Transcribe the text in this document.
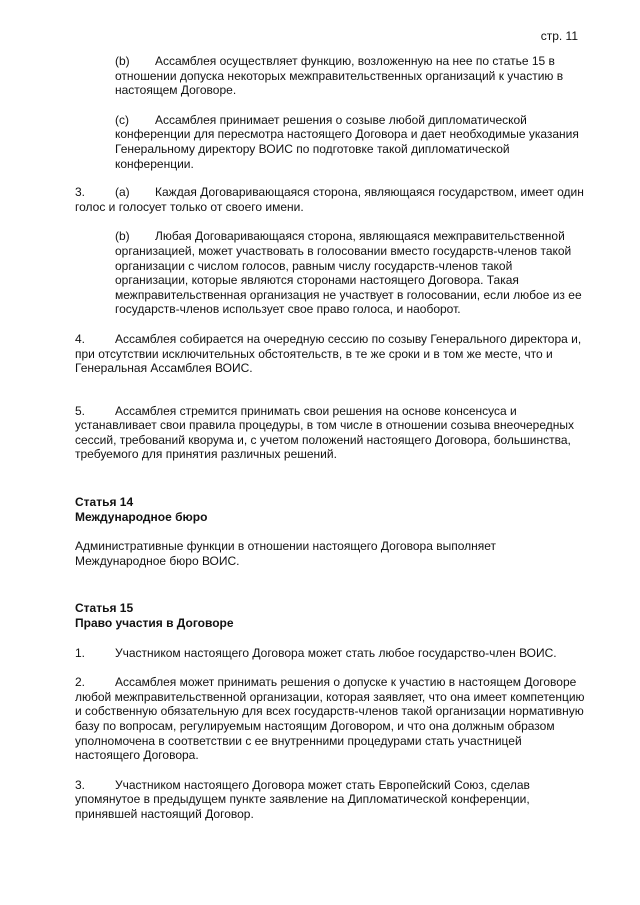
стр. 11

(b) Ассамблея осуществляет функцию, возложенную на нее по статье 15 в отношении допуска некоторых межправительственных организаций к участию в настоящем Договоре.

(c) Ассамблея принимает решения о созыве любой дипломатической конференции для пересмотра настоящего Договора и дает необходимые указания Генеральному директору ВОИС по подготовке такой дипломатической конференции.

3. (a) Каждая Договаривающаяся сторона, являющаяся государством, имеет один голос и голосует только от своего имени.

(b) Любая Договаривающаяся сторона, являющаяся межправительственной организацией, может участвовать в голосовании вместо государств-членов такой организации с числом голосов, равным числу государств-членов такой организации, которые являются сторонами настоящего Договора. Такая межправительственная организация не участвует в голосовании, если любое из ее государств-членов использует свое право голоса, и наоборот.

4. Ассамблея собирается на очередную сессию по созыву Генерального директора и, при отсутствии исключительных обстоятельств, в те же сроки и в том же месте, что и Генеральная Ассамблея ВОИС.

5. Ассамблея стремится принимать свои решения на основе консенсуса и устанавливает свои правила процедуры, в том числе в отношении созыва внеочередных сессий, требований кворума и, с учетом положений настоящего Договора, большинства, требуемого для принятия различных решений.

Статья 14

Международное бюро

Административные функции в отношении настоящего Договора выполняет Международное бюро ВОИС.

Статья 15

Право участия в Договоре

1. Участником настоящего Договора может стать любое государство-член ВОИС.

2. Ассамблея может принимать решения о допуске к участию в настоящем Договоре любой межправительственной организации, которая заявляет, что она имеет компетенцию и собственную обязательную для всех государств-членов такой организации нормативную базу по вопросам, регулируемым настоящим Договором, и что она должным образом уполномочена в соответствии с ее внутренними процедурами стать участницей настоящего Договора.

3. Участником настоящего Договора может стать Европейский Союз, сделав упомянутое в предыдущем пункте заявление на Дипломатической конференции, принявшей настоящий Договор.
